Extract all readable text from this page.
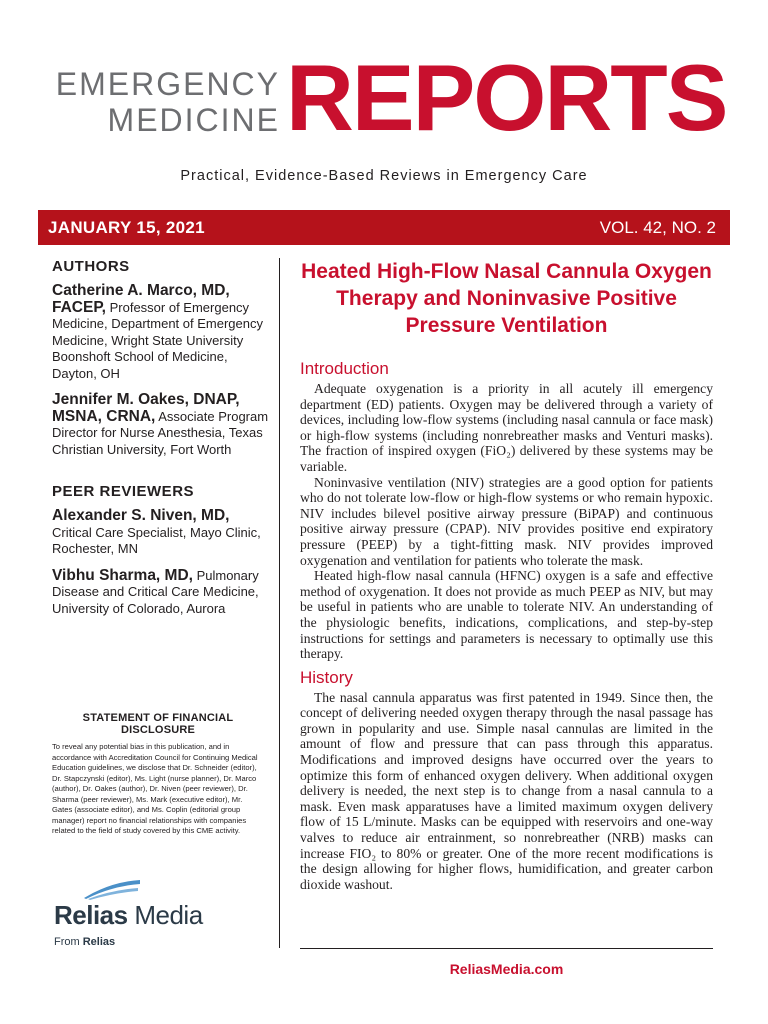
EMERGENCY
MEDICINE REPORTS
Practical, Evidence-Based Reviews in Emergency Care
JANUARY 15, 2021	VOL. 42, NO. 2
AUTHORS
Catherine A. Marco, MD, FACEP, Professor of Emergency Medicine, Department of Emergency Medicine, Wright State University Boonshoft School of Medicine, Dayton, OH
Jennifer M. Oakes, DNAP, MSNA, CRNA, Associate Program Director for Nurse Anesthesia, Texas Christian University, Fort Worth
PEER REVIEWERS
Alexander S. Niven, MD, Critical Care Specialist, Mayo Clinic, Rochester, MN
Vibhu Sharma, MD, Pulmonary Disease and Critical Care Medicine, University of Colorado, Aurora
STATEMENT OF FINANCIAL DISCLOSURE
To reveal any potential bias in this publication, and in accordance with Accreditation Council for Continuing Medical Education guidelines, we disclose that Dr. Schneider (editor), Dr. Stapczynski (editor), Ms. Light (nurse planner), Dr. Marco (author), Dr. Oakes (author), Dr. Niven (peer reviewer), Dr. Sharma (peer reviewer), Ms. Mark (executive editor), Mr. Gates (associate editor), and Ms. Coplin (editorial group manager) report no financial relationships with companies related to the field of study covered by this CME activity.
Relias Media
From Relias
Heated High-Flow Nasal Cannula Oxygen Therapy and Noninvasive Positive Pressure Ventilation
Introduction

Adequate oxygenation is a priority in all acutely ill emergency department (ED) patients. Oxygen may be delivered through a variety of devices, including low-flow systems (including nasal cannula or face mask) or high-flow systems (including nonrebreather masks and Venturi masks). The fraction of inspired oxygen (FiO₂) delivered by these systems may be variable.

Noninvasive ventilation (NIV) strategies are a good option for patients who do not tolerate low-flow or high-flow systems or who remain hypoxic. NIV includes bilevel positive airway pressure (BiPAP) and continuous positive airway pressure (CPAP). NIV provides positive end expiratory pressure (PEEP) by a tight-fitting mask. NIV provides improved oxygenation and ventilation for patients who tolerate the mask.

Heated high-flow nasal cannula (HFNC) oxygen is a safe and effective method of oxygenation. It does not provide as much PEEP as NIV, but may be useful in patients who are unable to tolerate NIV. An understanding of the physiologic benefits, indications, complications, and step-by-step instructions for settings and parameters is necessary to optimally use this therapy.

History

The nasal cannula apparatus was first patented in 1949. Since then, the concept of delivering needed oxygen therapy through the nasal passage has grown in popularity and use. Simple nasal cannulas are limited in the amount of flow and pressure that can pass through this apparatus. Modifications and improved designs have occurred over the years to optimize this form of enhanced oxygen delivery. When additional oxygen delivery is needed, the next step is to change from a nasal cannula to a mask. Even mask apparatuses have a limited maximum oxygen delivery flow of 15 L/minute. Masks can be equipped with reservoirs and one-way valves to reduce air entrainment, so nonrebreather (NRB) masks can increase FIO₂ to 80% or greater. One of the more recent modifications is the design allowing for higher flows, humidification, and greater carbon dioxide washout.

ReliasMedia.com
